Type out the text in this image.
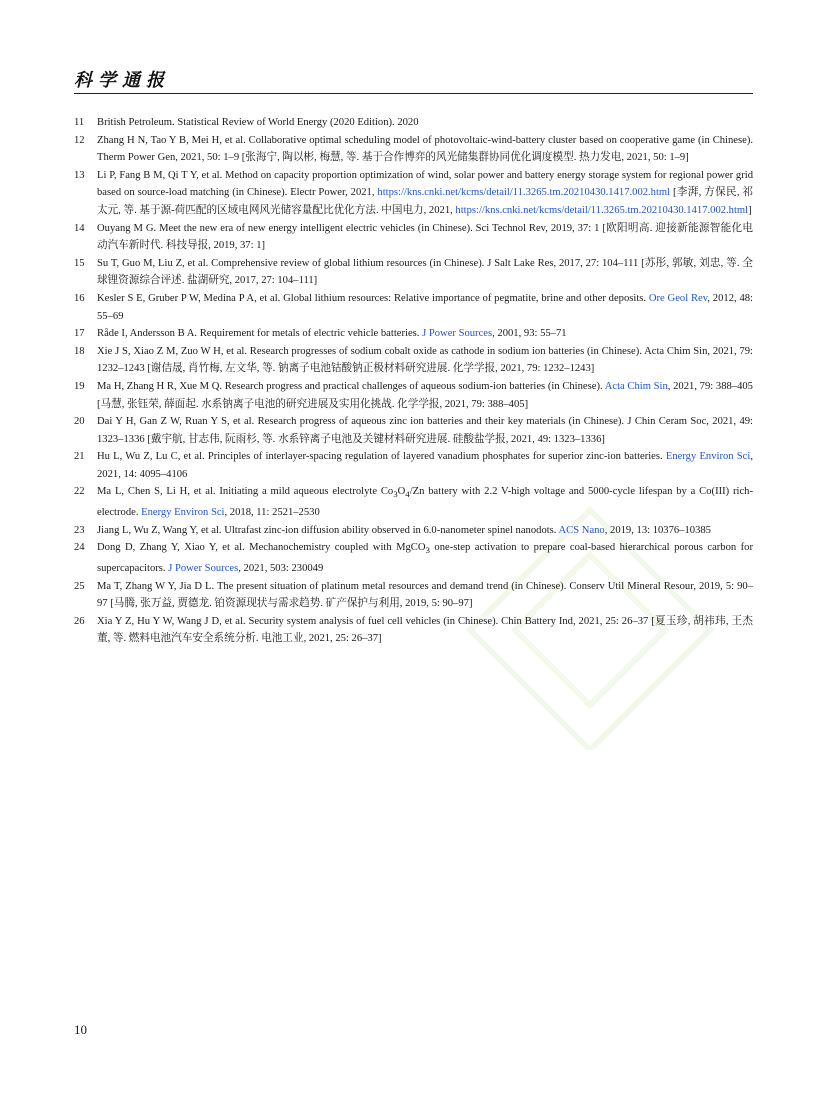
科学通报
11	British Petroleum. Statistical Review of World Energy (2020 Edition). 2020
12	Zhang H N, Tao Y B, Mei H, et al. Collaborative optimal scheduling model of photovoltaic-wind-battery cluster based on cooperative game (in Chinese). Therm Power Gen, 2021, 50: 1–9 [张海宁, 陶以彬, 梅慧, 等. 基于合作博弈的风光储集群协同优化调度模型. 热力发电, 2021, 50: 1–9]
13	Li P, Fang B M, Qi T Y, et al. Method on capacity proportion optimization of wind, solar power and battery energy storage system for regional power grid based on source-load matching (in Chinese). Electr Power, 2021, https://kns.cnki.net/kcms/detail/11.3265.tm.20210430.1417.002.html [李湃, 方保民, 祁太元, 等. 基于源-荷匹配的区域电网风光储容量配比优化方法. 中国电力, 2021, https://kns.cnki.net/kcms/detail/11.3265.tm.20210430.1417.002.html]
14	Ouyang M G. Meet the new era of new energy intelligent electric vehicles (in Chinese). Sci Technol Rev, 2019, 37: 1 [欧阳明高. 迎接新能源智能化电动汽车新时代. 科技导报, 2019, 37: 1]
15	Su T, Guo M, Liu Z, et al. Comprehensive review of global lithium resources (in Chinese). J Salt Lake Res, 2017, 27: 104–111 [苏彤, 郭敏, 刘忠, 等. 全球锂资源综合评述. 盐湖研究, 2017, 27: 104–111]
16	Kesler S E, Gruber P W, Medina P A, et al. Global lithium resources: Relative importance of pegmatite, brine and other deposits. Ore Geol Rev, 2012, 48: 55–69
17	Råde I, Andersson B A. Requirement for metals of electric vehicle batteries. J Power Sources, 2001, 93: 55–71
18	Xie J S, Xiao Z M, Zuo W H, et al. Research progresses of sodium cobalt oxide as cathode in sodium ion batteries (in Chinese). Acta Chim Sin, 2021, 79: 1232–1243 [谢佶晟, 肖竹梅, 左文华, 等. 钠离子电池钴酸钠正极材料研究进展. 化学学报, 2021, 79: 1232–1243]
19	Ma H, Zhang H R, Xue M Q. Research progress and practical challenges of aqueous sodium-ion batteries (in Chinese). Acta Chim Sin, 2021, 79: 388–405 [马慧, 张钰荣, 薛面起. 水系钠离子电池的研究进展及实用化挑战. 化学学报, 2021, 79: 388–405]
20	Dai Y H, Gan Z W, Ruan Y S, et al. Research progress of aqueous zinc ion batteries and their key materials (in Chinese). J Chin Ceram Soc, 2021, 49: 1323–1336 [戴宇航, 甘志伟, 阮雨杉, 等. 水系锌离子电池及关键材料研究进展. 硅酸盐学报, 2021, 49: 1323–1336]
21	Hu L, Wu Z, Lu C, et al. Principles of interlayer-spacing regulation of layered vanadium phosphates for superior zinc-ion batteries. Energy Environ Sci, 2021, 14: 4095–4106
22	Ma L, Chen S, Li H, et al. Initiating a mild aqueous electrolyte $Co_3O_4/Zn$ battery with 2.2 V-high voltage and 5000-cycle lifespan by a Co(III) rich-electrode. Energy Environ Sci, 2018, 11: 2521–2530
23	Jiang L, Wu Z, Wang Y, et al. Ultrafast zinc-ion diffusion ability observed in 6.0-nanometer spinel nanodots. ACS Nano, 2019, 13: 10376–10385
24	Dong D, Zhang Y, Xiao Y, et al. Mechanochemistry coupled with MgCO$_3$ one-step activation to prepare coal-based hierarchical porous carbon for supercapacitors. J Power Sources, 2021, 503: 230049
25	Ma T, Zhang W Y, Jia D L. The present situation of platinum metal resources and demand trend (in Chinese). Conserv Util Mineral Resour, 2019, 5: 90–97 [马腾, 张万益, 贾德龙. 铂资源现状与需求趋势. 矿产保护与利用, 2019, 5: 90–97]
26	Xia Y Z, Hu Y W, Wang J D, et al. Security system analysis of fuel cell vehicles (in Chinese). Chin Battery Ind, 2021, 25: 26–37 [夏玉珍, 胡祎玮, 王杰董, 等. 燃料电池汽车安全系统分析. 电池工业, 2021, 25: 26–37]
10
